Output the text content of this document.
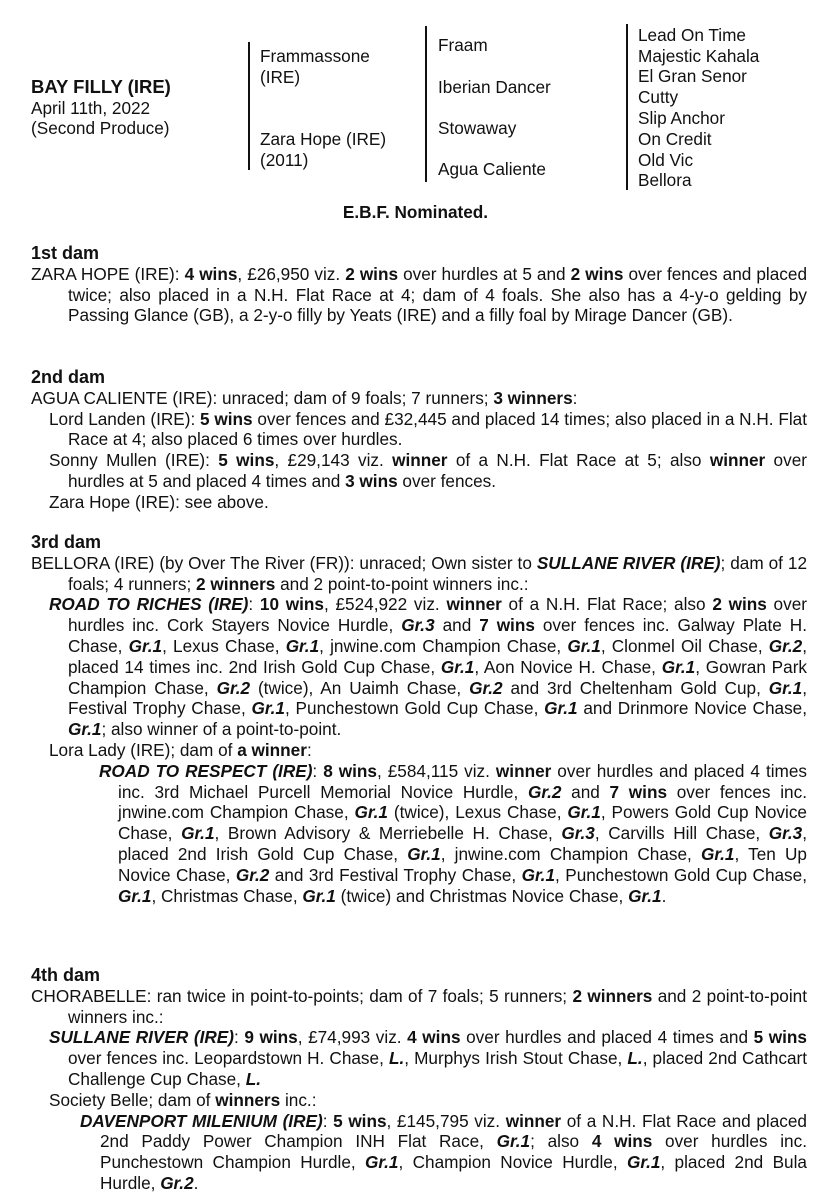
BAY FILLY (IRE)
April 11th, 2022
(Second Produce)
Frammassone (IRE)
Zara Hope (IRE) (2011)
Fraam
Iberian Dancer
Stowaway
Agua Caliente
Lead On Time
Majestic Kahala
El Gran Senor
Cutty
Slip Anchor
On Credit
Old Vic
Bellora
E.B.F. Nominated.
1st dam
ZARA HOPE (IRE): 4 wins, £26,950 viz. 2 wins over hurdles at 5 and 2 wins over fences and placed twice; also placed in a N.H. Flat Race at 4; dam of 4 foals. She also has a 4-y-o gelding by Passing Glance (GB), a 2-y-o filly by Yeats (IRE) and a filly foal by Mirage Dancer (GB).
2nd dam
AGUA CALIENTE (IRE): unraced; dam of 9 foals; 7 runners; 3 winners:
Lord Landen (IRE): 5 wins over fences and £32,445 and placed 14 times; also placed in a N.H. Flat Race at 4; also placed 6 times over hurdles.
Sonny Mullen (IRE): 5 wins, £29,143 viz. winner of a N.H. Flat Race at 5; also winner over hurdles at 5 and placed 4 times and 3 wins over fences.
Zara Hope (IRE): see above.
3rd dam
BELLORA (IRE) (by Over The River (FR)): unraced; Own sister to SULLANE RIVER (IRE); dam of 12 foals; 4 runners; 2 winners and 2 point-to-point winners inc.:
ROAD TO RICHES (IRE): 10 wins, £524,922 viz. winner of a N.H. Flat Race; also 2 wins over hurdles inc. Cork Stayers Novice Hurdle, Gr.3 and 7 wins over fences inc. Galway Plate H. Chase, Gr.1, Lexus Chase, Gr.1, jnwine.com Champion Chase, Gr.1, Clonmel Oil Chase, Gr.2, placed 14 times inc. 2nd Irish Gold Cup Chase, Gr.1, Aon Novice H. Chase, Gr.1, Gowran Park Champion Chase, Gr.2 (twice), An Uaimh Chase, Gr.2 and 3rd Cheltenham Gold Cup, Gr.1, Festival Trophy Chase, Gr.1, Punchestown Gold Cup Chase, Gr.1 and Drinmore Novice Chase, Gr.1; also winner of a point-to-point.
Lora Lady (IRE); dam of a winner:
ROAD TO RESPECT (IRE): 8 wins, £584,115 viz. winner over hurdles and placed 4 times inc. 3rd Michael Purcell Memorial Novice Hurdle, Gr.2 and 7 wins over fences inc. jnwine.com Champion Chase, Gr.1 (twice), Lexus Chase, Gr.1, Powers Gold Cup Novice Chase, Gr.1, Brown Advisory & Merriebelle H. Chase, Gr.3, Carvills Hill Chase, Gr.3, placed 2nd Irish Gold Cup Chase, Gr.1, jnwine.com Champion Chase, Gr.1, Ten Up Novice Chase, Gr.2 and 3rd Festival Trophy Chase, Gr.1, Punchestown Gold Cup Chase, Gr.1, Christmas Chase, Gr.1 (twice) and Christmas Novice Chase, Gr.1.
4th dam
CHORABELLE: ran twice in point-to-points; dam of 7 foals; 5 runners; 2 winners and 2 point-to-point winners inc.:
SULLANE RIVER (IRE): 9 wins, £74,993 viz. 4 wins over hurdles and placed 4 times and 5 wins over fences inc. Leopardstown H. Chase, L., Murphys Irish Stout Chase, L., placed 2nd Cathcart Challenge Cup Chase, L.
Society Belle; dam of winners inc.:
DAVENPORT MILENIUM (IRE): 5 wins, £145,795 viz. winner of a N.H. Flat Race and placed 2nd Paddy Power Champion INH Flat Race, Gr.1; also 4 wins over hurdles inc. Punchestown Champion Hurdle, Gr.1, Champion Novice Hurdle, Gr.1, placed 2nd Bula Hurdle, Gr.2.
